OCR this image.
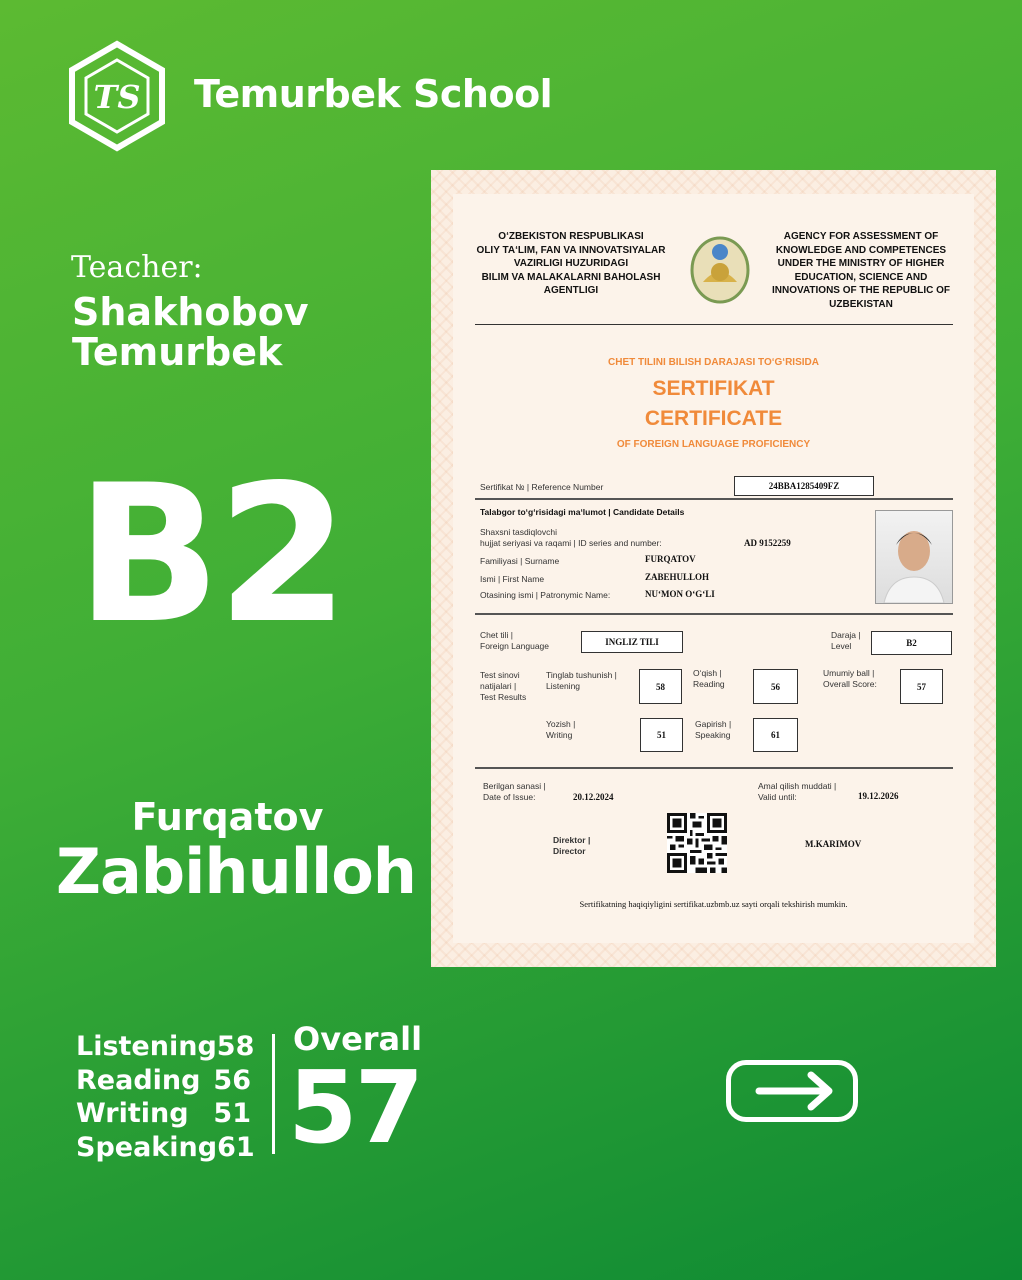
TS Temurbek School
Teacher:
Shakhobov
Temurbek
B2
Furqatov
Zabihulloh
Listening 58
Reading 56
Writing 51
Speaking 61
Overall
57
O‘ZBEKISTON RESPUBLIKASI
OLIY TA‘LIM, FAN VA INNOVATSIYALAR
VAZIRLIGI HUZURIDAGI
BILIM VA MALAKALARNI BAHOLASH
AGENTLIGI
AGENCY FOR ASSESSMENT OF
KNOWLEDGE AND COMPETENCES
UNDER THE MINISTRY OF HIGHER
EDUCATION, SCIENCE AND
INNOVATIONS OF THE REPUBLIC OF
UZBEKISTAN
CHET TILINI BILISH DARAJASI TO‘G‘RISIDA
SERTIFIKAT
CERTIFICATE
OF FOREIGN LANGUAGE PROFICIENCY
Sertifikat № | Reference Number	24BBA1285409FZ
Talabgor to‘g‘risidagi ma‘lumot | Candidate Details
Shaxsni tasdiqlovchi
hujjat seriyasi va raqami | ID series and number:	AD 9152259
Familiyasi | Surname	FURQATOV
Ismi | First Name	ZABEHULLOH
Otasining ismi | Patronymic Name:	NU‘MON O‘G‘LI
Chet tili |
Foreign Language	INGLIZ TILI
Daraja |
Level	B2
Test sinovi
natijalari |
Test Results
Tinglab tushunish |
Listening	58
O‘qish |
Reading	56
Umumiy ball |
Overall Score:	57
Yozish |
Writing	51
Gapirish |
Speaking	61
Berilgan sanasi |
Date of Issue:	20.12.2024
Amal qilish muddati |
Valid until:	19.12.2026
Direktor |
Director
M.KARIMOV
Sertifikatning haqiqiyligini sertifikat.uzbmb.uz sayti orqali tekshirish mumkin.
